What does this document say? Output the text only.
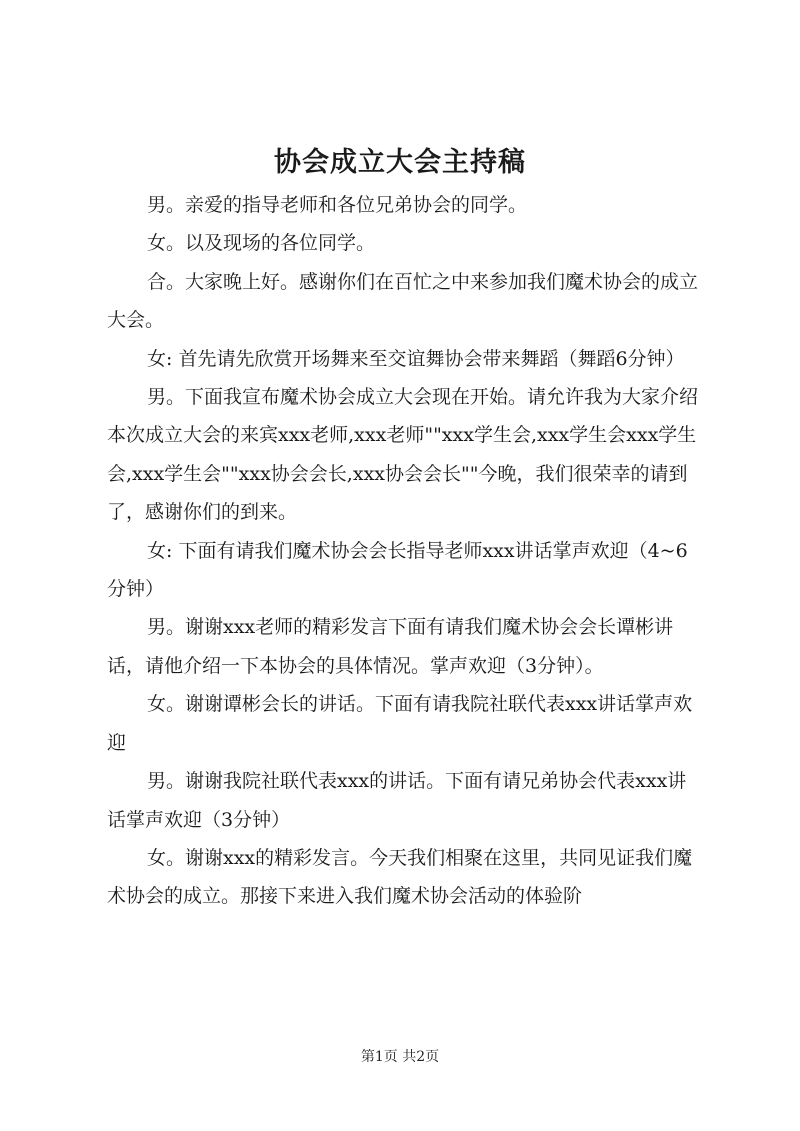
协会成立大会主持稿

男。亲爱的指导老师和各位兄弟协会的同学。

女。以及现场的各位同学。

合。大家晚上好。感谢你们在百忙之中来参加我们魔术协会的成立大会。

女: 首先请先欣赏开场舞来至交谊舞协会带来舞蹈（舞蹈6分钟）

男。下面我宣布魔术协会成立大会现在开始。请允许我为大家介绍本次成立大会的来宾xxx老师,xxx老师""xxx学生会,xxx学生会xxx学生会,xxx学生会""xxx协会会长,xxx协会会长""今晚，我们很荣幸的请到了，感谢你们的到来。

女: 下面有请我们魔术协会会长指导老师xxx讲话掌声欢迎（4~6分钟）

男。谢谢xxx老师的精彩发言下面有请我们魔术协会会长谭彬讲话，请他介绍一下本协会的具体情况。掌声欢迎（3分钟）。

女。谢谢谭彬会长的讲话。下面有请我院社联代表xxx讲话掌声欢迎

男。谢谢我院社联代表xxx的讲话。下面有请兄弟协会代表xxx讲话掌声欢迎（3分钟）

女。谢谢xxx的精彩发言。今天我们相聚在这里，共同见证我们魔术协会的成立。那接下来进入我们魔术协会活动的体验阶

第1页 共2页
